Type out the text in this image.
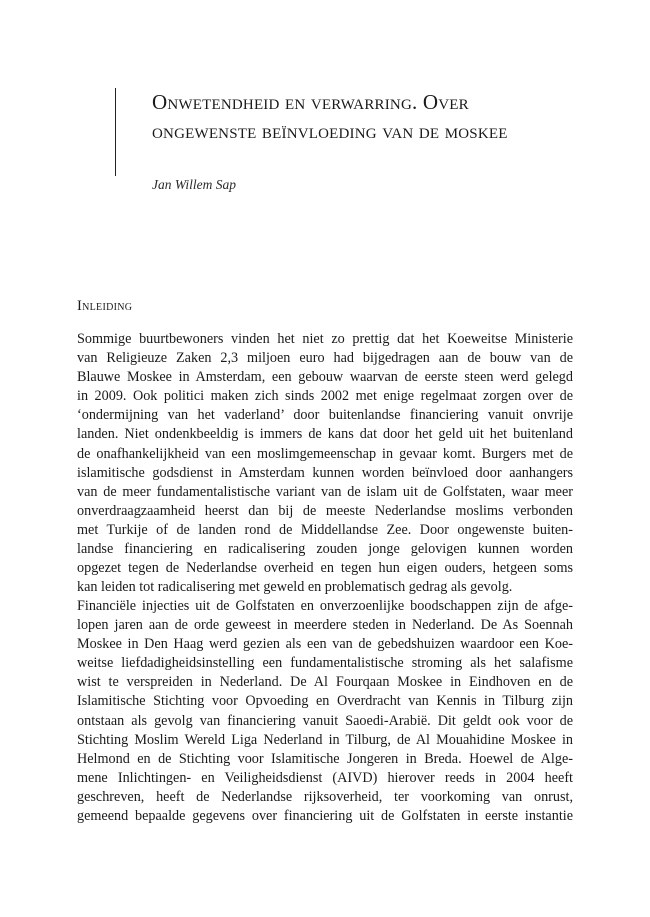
Onwetendheid en verwarring. Over
ongewenste beïnvloeding van de moskee
Jan Willem Sap
Inleiding

Sommige buurtbewoners vinden het niet zo prettig dat het Koeweitse Ministerie
van Religieuze Zaken 2,3 miljoen euro had bijgedragen aan de bouw van de
Blauwe Moskee in Amsterdam, een gebouw waarvan de eerste steen werd gelegd
in 2009. Ook politici maken zich sinds 2002 met enige regelmaat zorgen over de
‘ondermijning van het vaderland’ door buitenlandse financiering vanuit onvrije
landen. Niet ondenkbeeldig is immers de kans dat door het geld uit het buitenland
de onafhankelijkheid van een moslimgemeenschap in gevaar komt. Burgers met de
islamitische godsdienst in Amsterdam kunnen worden beïnvloed door aanhangers
van de meer fundamentalistische variant van de islam uit de Golfstaten, waar meer
onverdraagzaamheid heerst dan bij de meeste Nederlandse moslims verbonden
met Turkije of de landen rond de Middellandse Zee. Door ongewenste buiten-
landse financiering en radicalisering zouden jonge gelovigen kunnen worden
opgezet tegen de Nederlandse overheid en tegen hun eigen ouders, hetgeen soms
kan leiden tot radicalisering met geweld en problematisch gedrag als gevolg.

Financiële injecties uit de Golfstaten en onverzoenlijke boodschappen zijn de afge-
lopen jaren aan de orde geweest in meerdere steden in Nederland. De As Soennah
Moskee in Den Haag werd gezien als een van de gebedshuizen waardoor een Koe-
weitse liefdadigheidsinstelling een fundamentalistische stroming als het salafisme
wist te verspreiden in Nederland. De Al Fourqaan Moskee in Eindhoven en de
Islamitische Stichting voor Opvoeding en Overdracht van Kennis in Tilburg zijn
ontstaan als gevolg van financiering vanuit Saoedi-Arabië. Dit geldt ook voor de
Stichting Moslim Wereld Liga Nederland in Tilburg, de Al Mouahidine Moskee in
Helmond en de Stichting voor Islamitische Jongeren in Breda. Hoewel de Alge-
mene Inlichtingen- en Veiligheidsdienst (AIVD) hierover reeds in 2004 heeft
geschreven, heeft de Nederlandse rijksoverheid, ter voorkoming van onrust,
gemeend bepaalde gegevens over financiering uit de Golfstaten in eerste instantie
